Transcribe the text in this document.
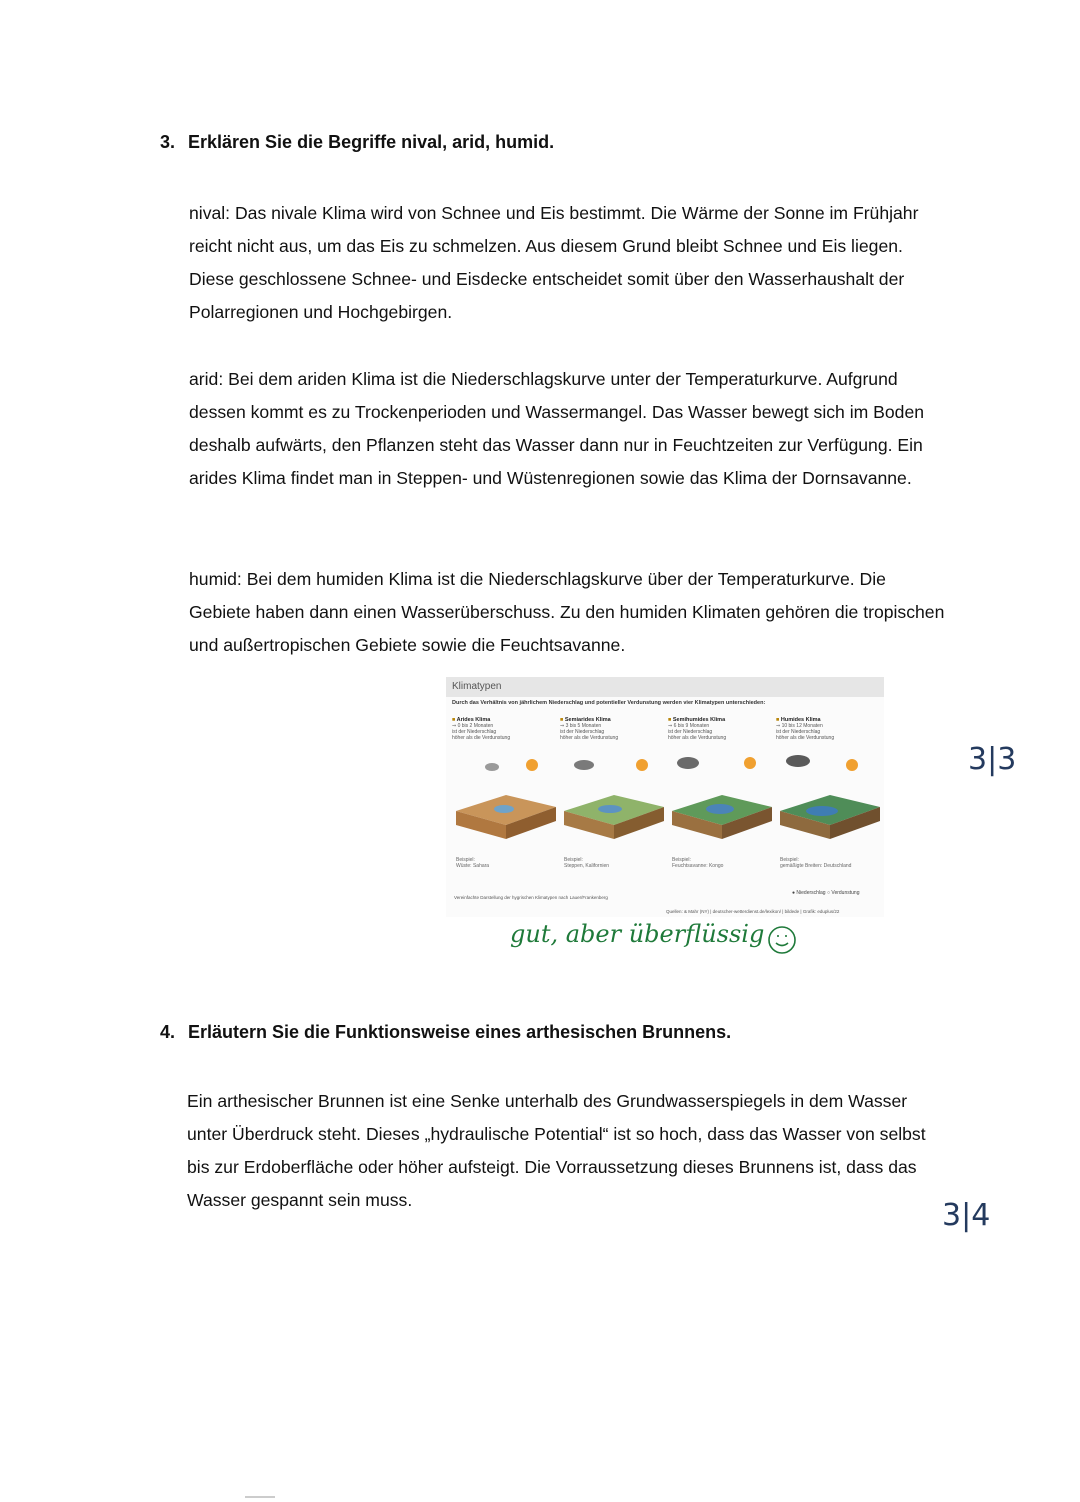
3. Erklären Sie die Begriffe nival, arid, humid.

nival: Das nivale Klima wird von Schnee und Eis bestimmt. Die Wärme der Sonne im Frühjahr reicht nicht aus, um das Eis zu schmelzen. Aus diesem Grund bleibt Schnee und Eis liegen. Diese geschlossene Schnee- und Eisdecke entscheidet somit über den Wasserhaushalt der Polarregionen und Hochgebirgen.

arid: Bei dem ariden Klima ist die Niederschlagskurve unter der Temperaturkurve. Aufgrund dessen kommt es zu Trockenperioden und Wassermangel. Das Wasser bewegt sich im Boden deshalb aufwärts, den Pflanzen steht das Wasser dann nur in Feuchtzeiten zur Verfügung. Ein arides Klima findet man in Steppen- und Wüstenregionen sowie das Klima der Dornsavanne.

humid: Bei dem humiden Klima ist die Niederschlagskurve über der Temperaturkurve. Die Gebiete haben dann einen Wasserüberschuss. Zu den humiden Klimaten gehören die tropischen und außertropischen Gebiete sowie die Feuchtsavanne.

3|3
Klimatypen
Durch das Verhältnis von jährlichem Niederschlag und potentieller Verdunstung werden vier Klimatypen unterschieden:
■ Arides Klima
⇒ 0 bis 2 Monaten
ist der Niederschlag
höher als die Verdunstung
Beispiel:
Wüste: Sahara
■ Semiarides Klima
⇒ 3 bis 5 Monaten
ist der Niederschlag
höher als die Verdunstung
Beispiel:
Steppen, Kalifornien
■ Semihumides Klima
⇒ 6 bis 9 Monaten
ist der Niederschlag
höher als die Verdunstung
Beispiel:
Feuchtsavanne: Kongo
■ Humides Klima
⇒ 10 bis 12 Monaten
ist der Niederschlag
höher als die Verdunstung
Beispiel:
gemäßigte Breiten: Deutschland
Vereinfachte Darstellung der hygrischen Klimatypen nach Lauer/Frankenberg
● Niederschlag ○ Verdunstung
Quellen: & Mahr (NY) | deutscher-wetterdienst.de/lexikon/ | bildede | Grafik: eduplus/22
gut, aber überflüssig
4. Erläutern Sie die Funktionsweise eines arthesischen Brunnens.

Ein arthesischer Brunnen ist eine Senke unterhalb des Grundwasserspiegels in dem Wasser unter Überdruck steht. Dieses „hydraulische Potential“ ist so hoch, dass das Wasser von selbst bis zur Erdoberfläche oder höher aufsteigt. Die Vorraussetzung dieses Brunnens ist, dass das Wasser gespannt sein muss.	3|4
